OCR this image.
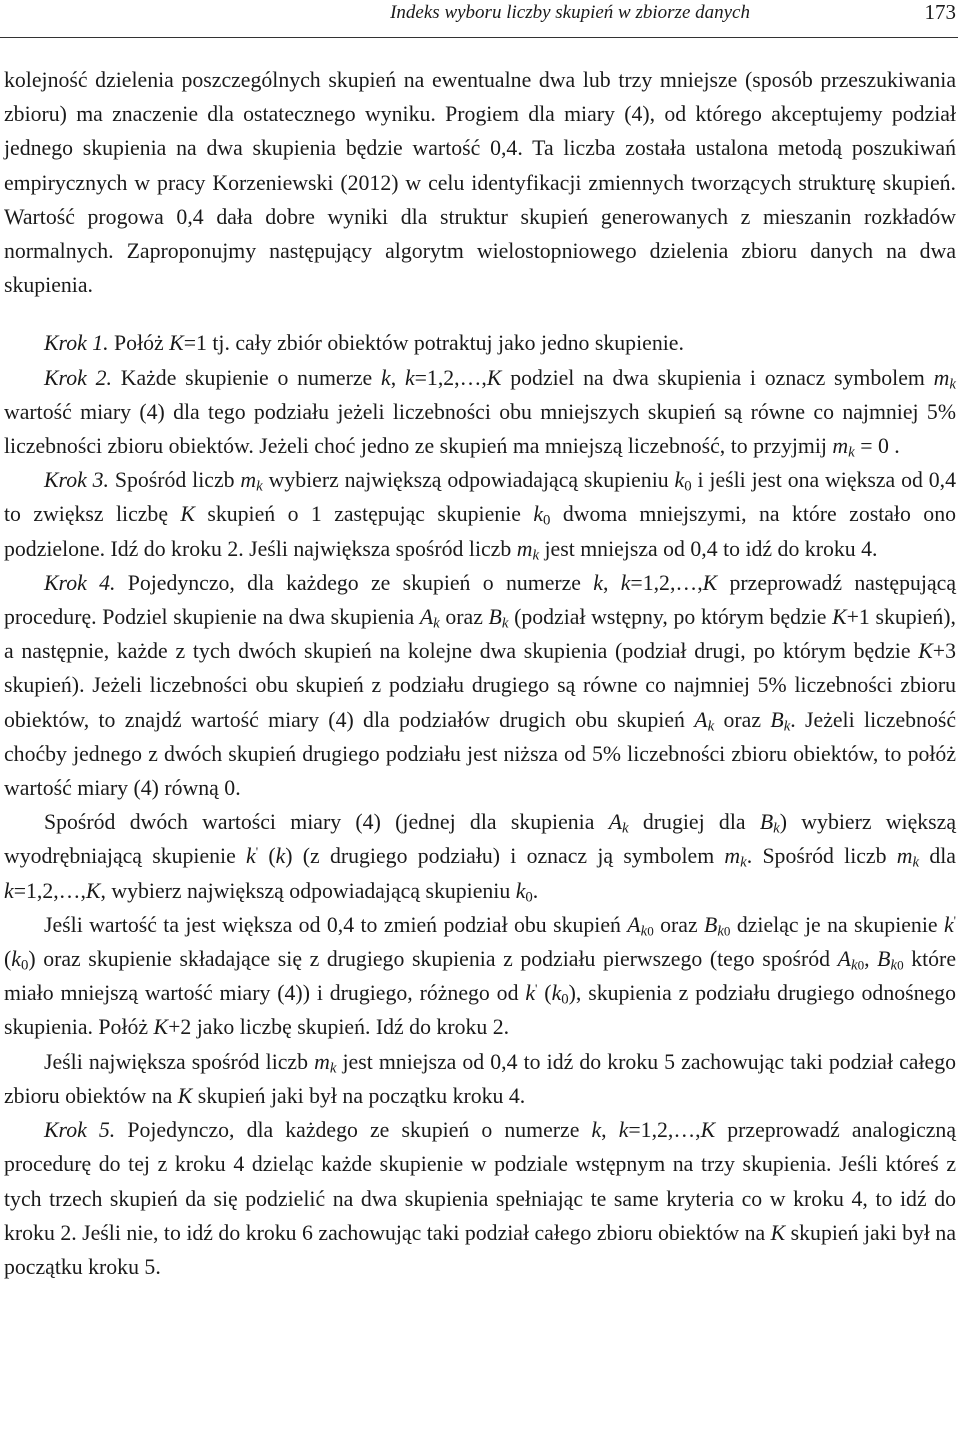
Indeks wyboru liczby skupień w zbiorze danych	173

kolejność dzielenia poszczególnych skupień na ewentualne dwa lub trzy mniejsze (sposób przeszukiwania zbioru) ma znaczenie dla ostatecznego wyniku. Progiem dla miary (4), od którego akceptujemy podział jednego skupienia na dwa skupienia będzie wartość 0,4. Ta liczba została ustalona metodą poszukiwań empirycznych w pracy Korzeniewski (2012) w celu identyfikacji zmiennych tworzących strukturę skupień. Wartość progowa 0,4 dała dobre wyniki dla struktur skupień generowanych z mieszanin rozkładów normalnych. Zaproponujmy następujący algorytm wielostopniowego dzielenia zbioru danych na dwa skupienia.

Krok 1. Połóż K=1 tj. cały zbiór obiektów potraktuj jako jedno skupienie.

Krok 2. Każde skupienie o numerze k, k=1,2,…,K podziel na dwa skupienia i oznacz symbolem $m_k$ wartość miary (4) dla tego podziału jeżeli liczebności obu mniejszych skupień są równe co najmniej 5% liczebności zbioru obiektów. Jeżeli choć jedno ze skupień ma mniejszą liczebność, to przyjmij $m_k = 0$ .

Krok 3. Spośród liczb $m_k$ wybierz największą odpowiadającą skupieniu $k_0$ i jeśli jest ona większa od 0,4 to zwiększ liczbę K skupień o 1 zastępując skupienie $k_0$ dwoma mniejszymi, na które zostało ono podzielone. Idź do kroku 2. Jeśli największa spośród liczb $m_k$ jest mniejsza od 0,4 to idź do kroku 4.

Krok 4. Pojedynczo, dla każdego ze skupień o numerze k, k=1,2,…,K przeprowadź następującą procedurę. Podziel skupienie na dwa skupienia $A_k$ oraz $B_k$ (podział wstępny, po którym będzie K+1 skupień), a następnie, każde z tych dwóch skupień na kolejne dwa skupienia (podział drugi, po którym będzie K+3 skupień). Jeżeli liczebności obu skupień z podziału drugiego są równe co najmniej 5% liczebności zbioru obiektów, to znajdź wartość miary (4) dla podziałów drugich obu skupień $A_k$ oraz $B_k$. Jeżeli liczebność choćby jednego z dwóch skupień drugiego podziału jest niższa od 5% liczebności zbioru obiektów, to połóż wartość miary (4) równą 0.

Spośród dwóch wartości miary (4) (jednej dla skupienia $A_k$ drugiej dla $B_k$) wybierz większą wyodrębniającą skupienie k' (k) (z drugiego podziału) i oznacz ją symbolem $m_k$. Spośród liczb $m_k$ dla k=1,2,…,K, wybierz największą odpowiadającą skupieniu $k_0$.

Jeśli wartość ta jest większa od 0,4 to zmień podział obu skupień $A_k0$ oraz $B_k0$ dzieląc je na skupienie k' $(k_0)$ oraz skupienie składające się z drugiego skupienia z podziału pierwszego (tego spośród $A_k0$, $B_k0$ które miało mniejszą wartość miary (4)) i drugiego, różnego od k' $(k_0)$, skupienia z podziału drugiego odnośnego skupienia. Połóż K+2 jako liczbę skupień. Idź do kroku 2.

Jeśli największa spośród liczb $m_k$ jest mniejsza od 0,4 to idź do kroku 5 zachowując taki podział całego zbioru obiektów na K skupień jaki był na początku kroku 4.

Krok 5. Pojedynczo, dla każdego ze skupień o numerze k, k=1,2,…,K przeprowadź analogiczną procedurę do tej z kroku 4 dzieląc każde skupienie w podziale wstępnym na trzy skupienia. Jeśli któreś z tych trzech skupień da się podzielić na dwa skupienia spełniając te same kryteria co w kroku 4, to idź do kroku 2. Jeśli nie, to idź do kroku 6 zachowując taki podział całego zbioru obiektów na K skupień jaki był na początku kroku 5.
